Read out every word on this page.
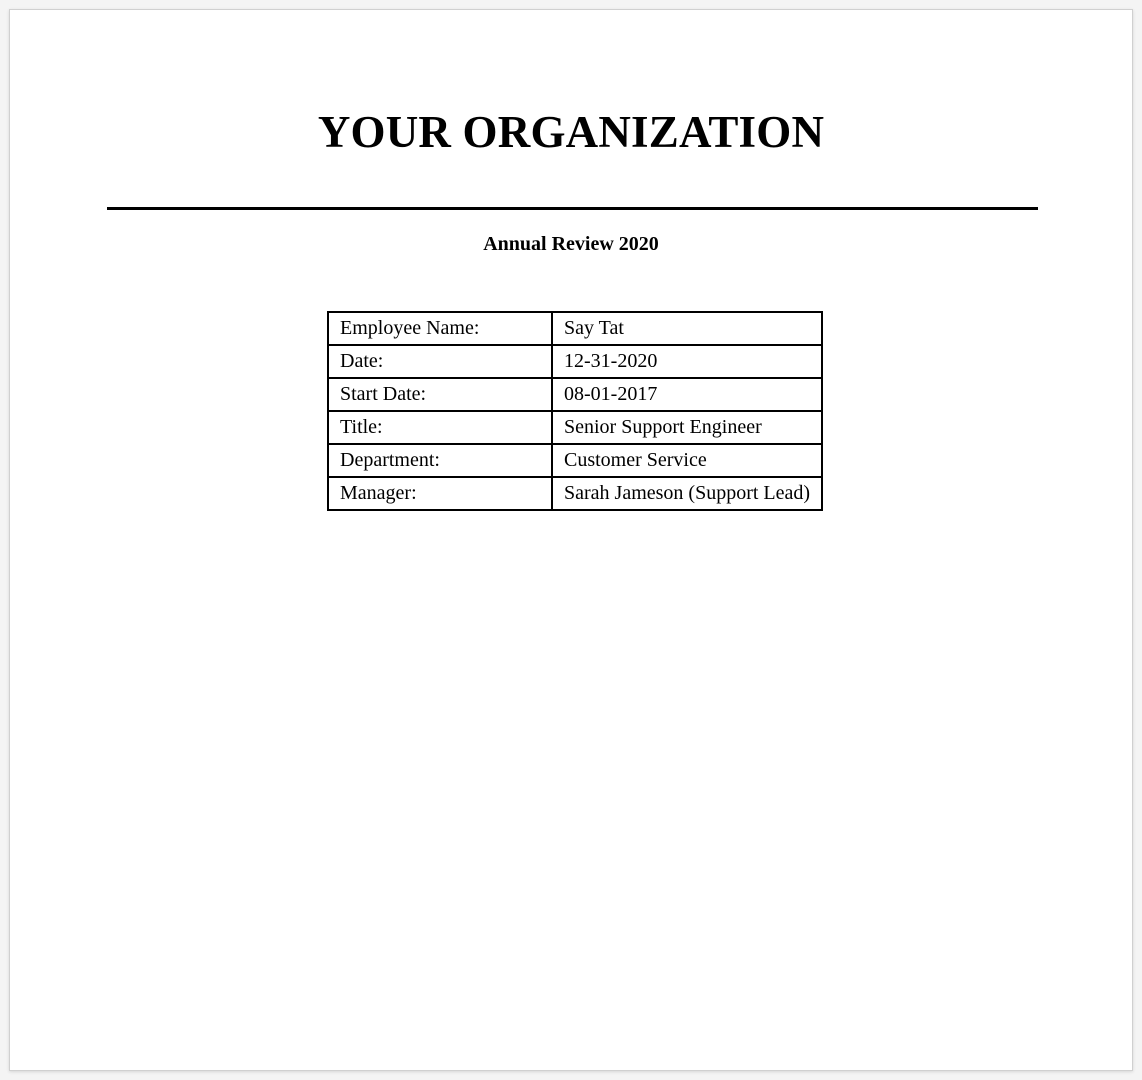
YOUR ORGANIZATION
Annual Review 2020
Employee Name:	Say Tat
Date:	12-31-2020
Start Date:	08-01-2017
Title:	Senior Support Engineer
Department:	Customer Service
Manager:	Sarah Jameson (Support Lead)
